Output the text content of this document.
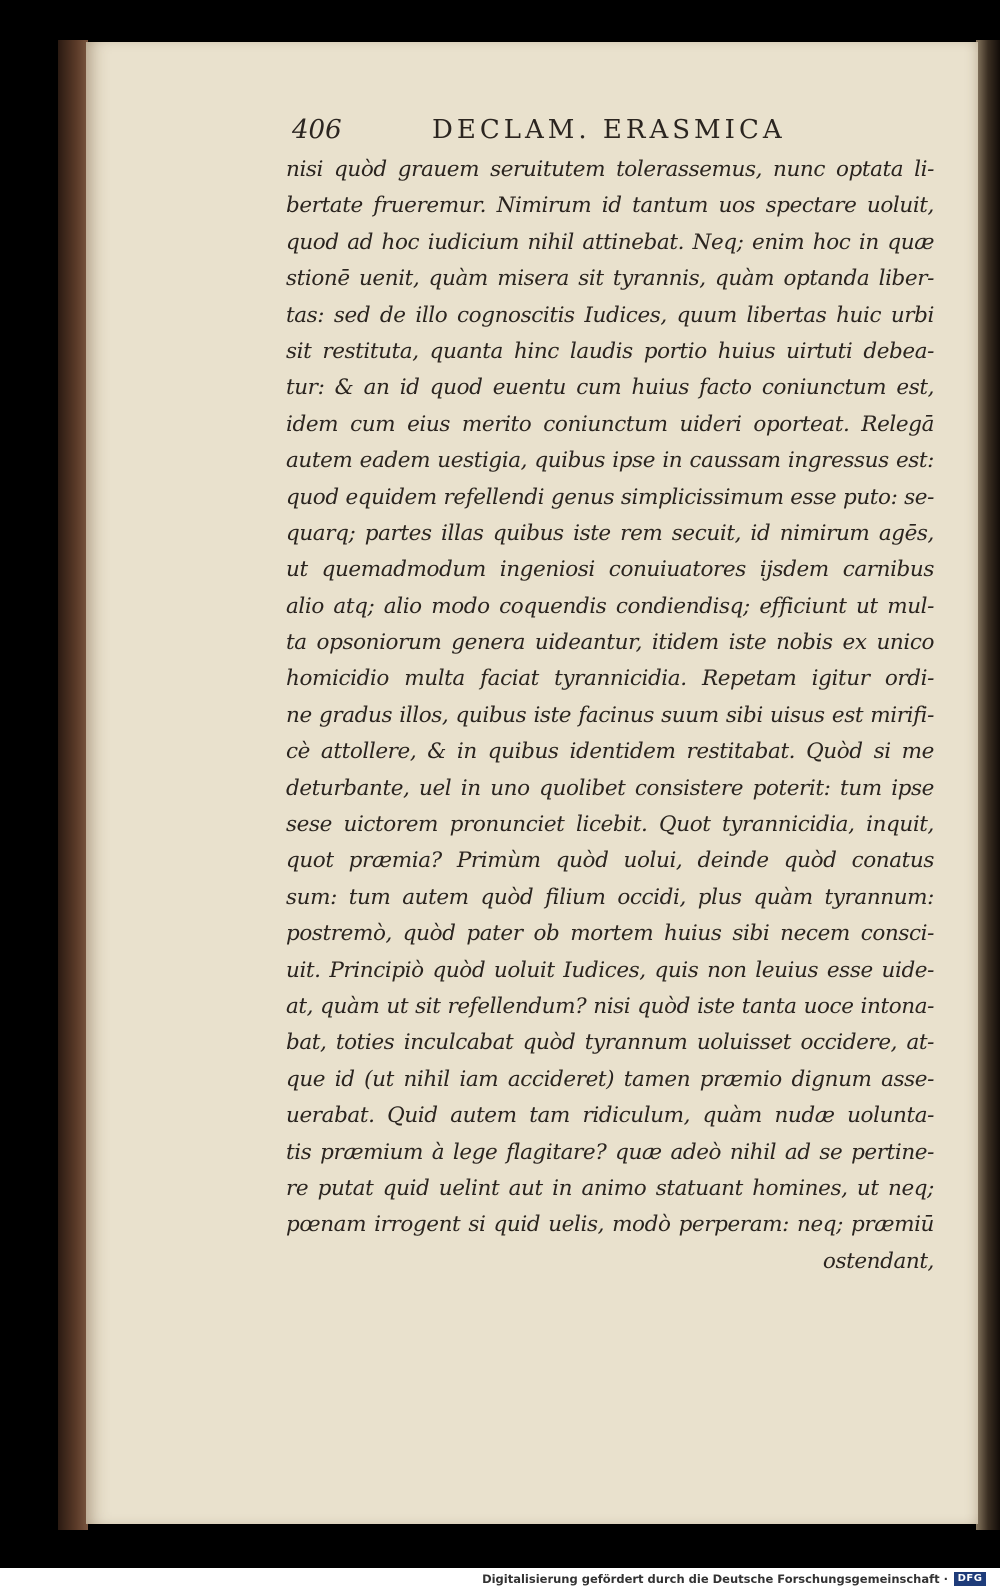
406	DECLAM. ERASMICA
nisi quòd grauem seruitutem tolerassemus, nunc optata li-
bertate frueremur. Nimirum id tantum uos spectare uoluit,
quod ad hoc iudicium nihil attinebat. Neq; enim hoc in quæ
stionē uenit, quàm misera sit tyrannis, quàm optanda liber-
tas: sed de illo cognoscitis Iudices, quum libertas huic urbi
sit restituta, quanta hinc laudis portio huius uirtuti debea-
tur: & an id quod euentu cum huius facto coniunctum est,
idem cum eius merito coniunctum uideri oporteat. Relegā
autem eadem uestigia, quibus ipse in caussam ingressus est:
quod equidem refellendi genus simplicissimum esse puto: se-
quarq; partes illas quibus iste rem secuit, id nimirum agēs,
ut quemadmodum ingeniosi conuiuatores ijsdem carnibus
alio atq; alio modo coquendis condiendisq; efficiunt ut mul-
ta opsoniorum genera uideantur, itidem iste nobis ex unico
homicidio multa faciat tyrannicidia. Repetam igitur ordi-
ne gradus illos, quibus iste facinus suum sibi uisus est mirifi-
cè attollere, & in quibus identidem restitabat. Quòd si me
deturbante, uel in uno quolibet consistere poterit: tum ipse
sese uictorem pronunciet licebit. Quot tyrannicidia, inquit,
quot præmia? Primùm quòd uolui, deinde quòd conatus
sum: tum autem quòd filium occidi, plus quàm tyrannum:
postremò, quòd pater ob mortem huius sibi necem consci-
uit. Principiò quòd uoluit Iudices, quis non leuius esse uide-
at, quàm ut sit refellendum? nisi quòd iste tanta uoce intona-
bat, toties inculcabat quòd tyrannum uoluisset occidere, at-
que id (ut nihil iam accideret) tamen præmio dignum asse-
uerabat. Quid autem tam ridiculum, quàm nudæ uolunta-
tis præmium à lege flagitare? quæ adeò nihil ad se pertine-
re putat quid uelint aut in animo statuant homines, ut neq;
pœnam irrogent si quid uelis, modò perperam: neq; præmiū
ostendant,
Digitalisierung gefördert durch die Deutsche Forschungsgemeinschaft · DFG
